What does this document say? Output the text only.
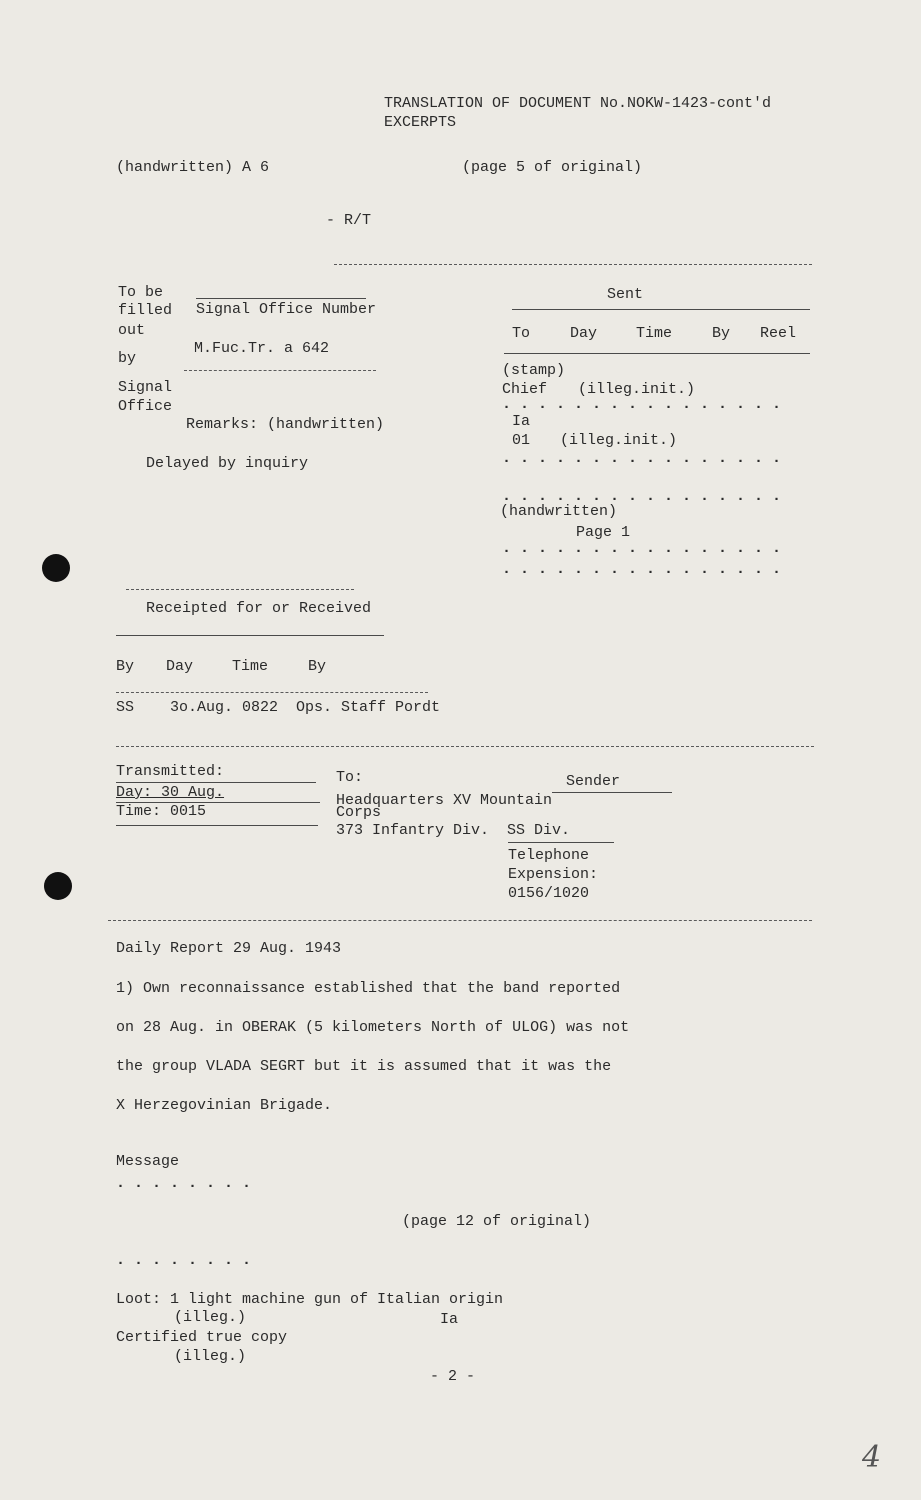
TRANSLATION OF DOCUMENT No.NOKW-1423-cont'd
EXCERPTS
(handwritten) A 6	(page 5 of original)
- R/T
To be
filled
out
by
Signal
Office
Signal Office Number
M.Fuc.Tr. a 642
Remarks: (handwritten)
Delayed by inquiry
Sent
To	Day	Time	By Reel
(stamp)
Chief (illeg.init.)
................
Ia
01 (illeg.init.)
................
................
(handwritten)
Page 1
................
................
Receipted for or Received
By Day	Time	By
SS    3o.Aug. 0822  Ops. Staff Pordt
Transmitted:
Day: 30 Aug.
Time: 0015
To:
Headquarters XV Mountain
Corps
373 Infantry Div.  SS Div.
Sender
Telephone
Expension:
0156/1020
Daily Report 29 Aug. 1943
1) Own reconnaissance established that the band reported
on 28 Aug. in OBERAK (5 kilometers North of ULOG) was not
the group VLADA SEGRT but it is assumed that it was the
X Herzegovinian Brigade.
Message
........
(page 12 of original)
........
Loot: 1 light machine gun of Italian origin
(illeg.)	Ia
Certified true copy
(illeg.)
- 2 -
4
